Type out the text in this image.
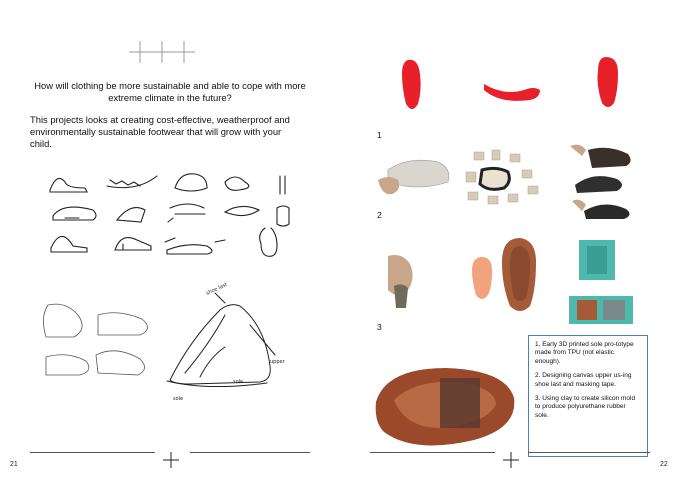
How will clothing be more sustainable and able to cope with more extreme climate in the future?
This projects looks at creating cost-effective, weatherproof and environmentally sustainable footwear that will grow with your child.
shoe last
upper
sole
sole
21
1
2
3

1. Early 3D printed sole pro-totype made from TPU (not elastic enough).

2. Designing canvas upper us-ing shoe last and masking tape.

3. Using clay to create silicon mold to produce polyurethane rubber sole.

22
